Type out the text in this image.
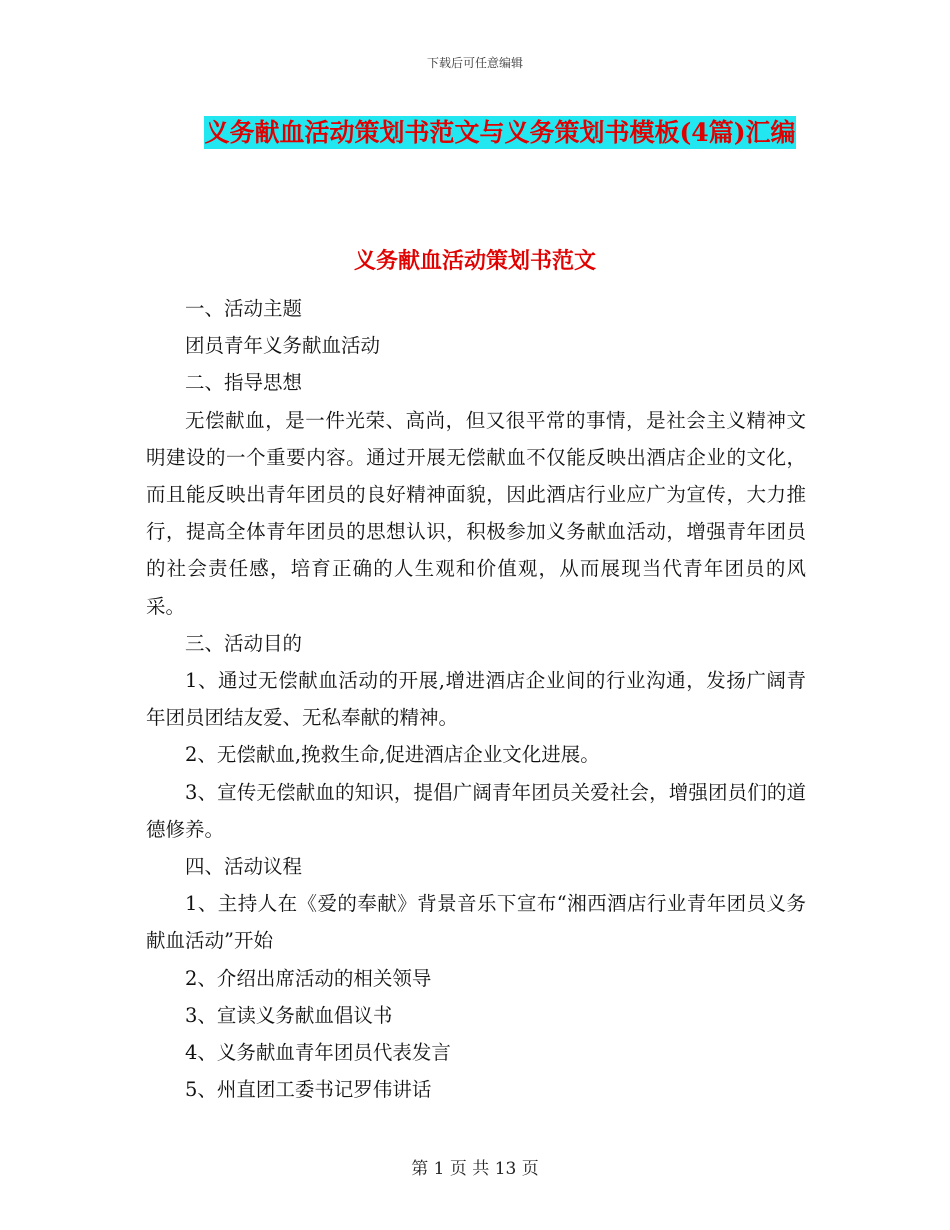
下载后可任意编辑
义务献血活动策划书范文与义务策划书模板(4篇)汇编
义务献血活动策划书范文

一、活动主题

团员青年义务献血活动

二、指导思想

无偿献血，是一件光荣、高尚，但又很平常的事情，是社会主义精神文明建设的一个重要内容。通过开展无偿献血不仅能反映出酒店企业的文化，而且能反映出青年团员的良好精神面貌，因此酒店行业应广为宣传，大力推行，提高全体青年团员的思想认识，积极参加义务献血活动，增强青年团员的社会责任感，培育正确的人生观和价值观，从而展现当代青年团员的风采。

三、活动目的

1、通过无偿献血活动的开展,增进酒店企业间的行业沟通，发扬广阔青年团员团结友爱、无私奉献的精神。

2、无偿献血,挽救生命,促进酒店企业文化进展。

3、宣传无偿献血的知识，提倡广阔青年团员关爱社会，增强团员们的道德修养。

四、活动议程

1、主持人在《爱的奉献》背景音乐下宣布“湘西酒店行业青年团员义务献血活动”开始

2、介绍出席活动的相关领导

3、宣读义务献血倡议书

4、义务献血青年团员代表发言

5、州直团工委书记罗伟讲话

第 1 页 共 13 页
